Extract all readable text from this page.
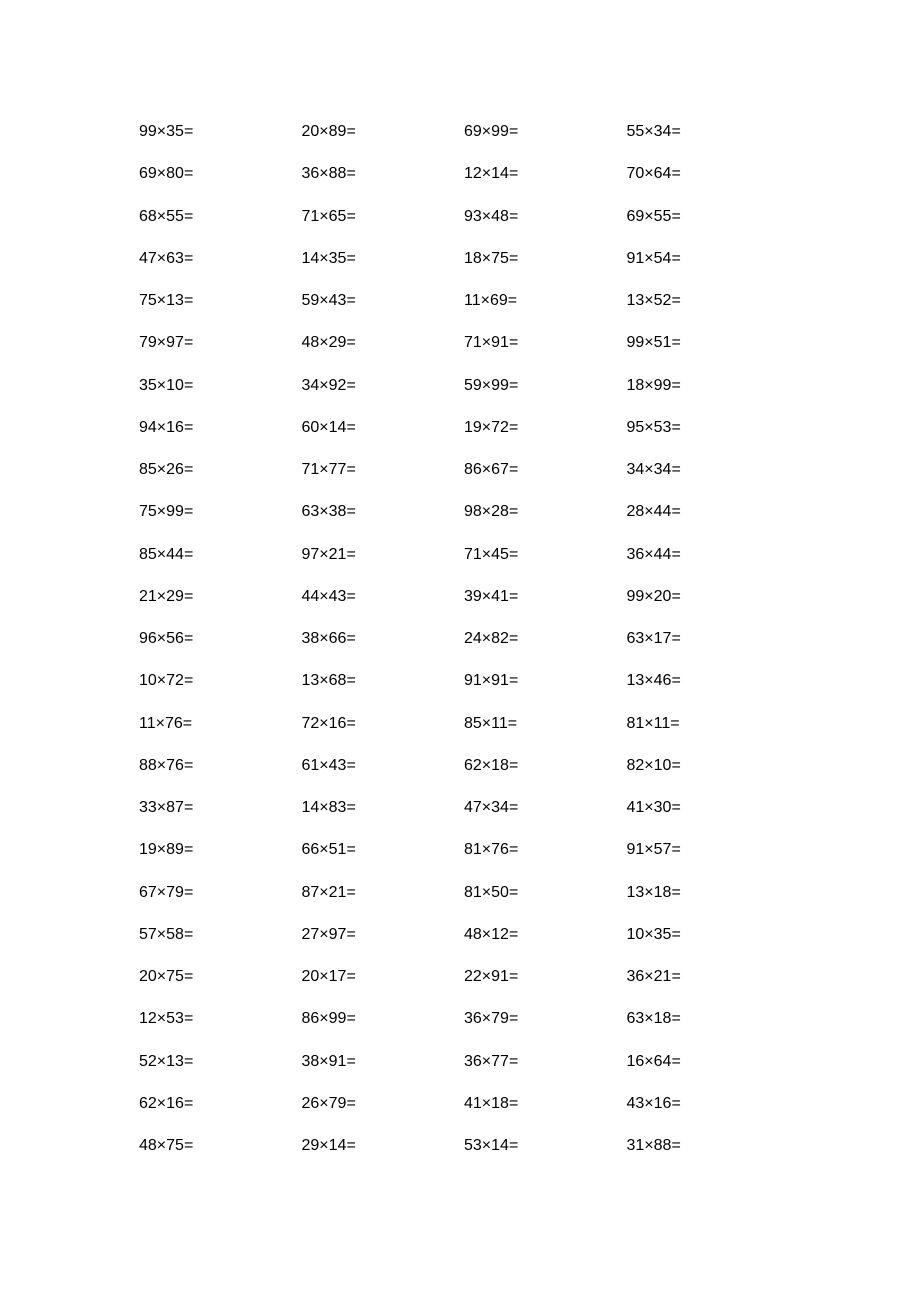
99×35=	20×89=	69×99=	55×34=
69×80=	36×88=	12×14=	70×64=
68×55=	71×65=	93×48=	69×55=
47×63=	14×35=	18×75=	91×54=
75×13=	59×43=	11×69=	13×52=
79×97=	48×29=	71×91=	99×51=
35×10=	34×92=	59×99=	18×99=
94×16=	60×14=	19×72=	95×53=
85×26=	71×77=	86×67=	34×34=
75×99=	63×38=	98×28=	28×44=
85×44=	97×21=	71×45=	36×44=
21×29=	44×43=	39×41=	99×20=
96×56=	38×66=	24×82=	63×17=
10×72=	13×68=	91×91=	13×46=
11×76=	72×16=	85×11=	81×11=
88×76=	61×43=	62×18=	82×10=
33×87=	14×83=	47×34=	41×30=
19×89=	66×51=	81×76=	91×57=
67×79=	87×21=	81×50=	13×18=
57×58=	27×97=	48×12=	10×35=
20×75=	20×17=	22×91=	36×21=
12×53=	86×99=	36×79=	63×18=
52×13=	38×91=	36×77=	16×64=
62×16=	26×79=	41×18=	43×16=
48×75=	29×14=	53×14=	31×88=
